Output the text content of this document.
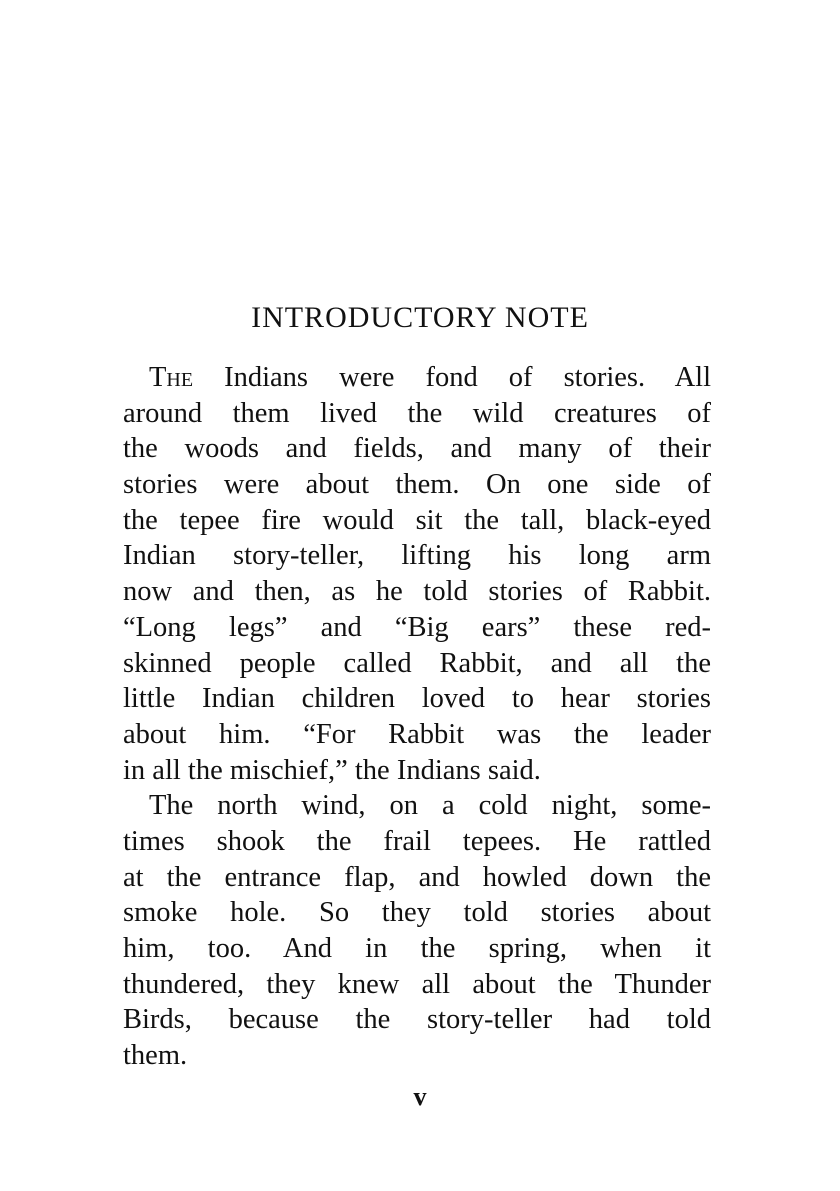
INTRODUCTORY NOTE
The Indians were fond of stories. All
around them lived the wild creatures of
the woods and fields, and many of their
stories were about them. On one side of
the tepee fire would sit the tall, black-eyed
Indian story-teller, lifting his long arm
now and then, as he told stories of Rabbit.
“Long legs” and “Big ears” these red-
skinned people called Rabbit, and all the
little Indian children loved to hear stories
about him. “For Rabbit was the leader
in all the mischief,” the Indians said.
The north wind, on a cold night, some-
times shook the frail tepees. He rattled
at the entrance flap, and howled down the
smoke hole. So they told stories about
him, too. And in the spring, when it
thundered, they knew all about the Thunder
Birds, because the story-teller had told
them.
v
